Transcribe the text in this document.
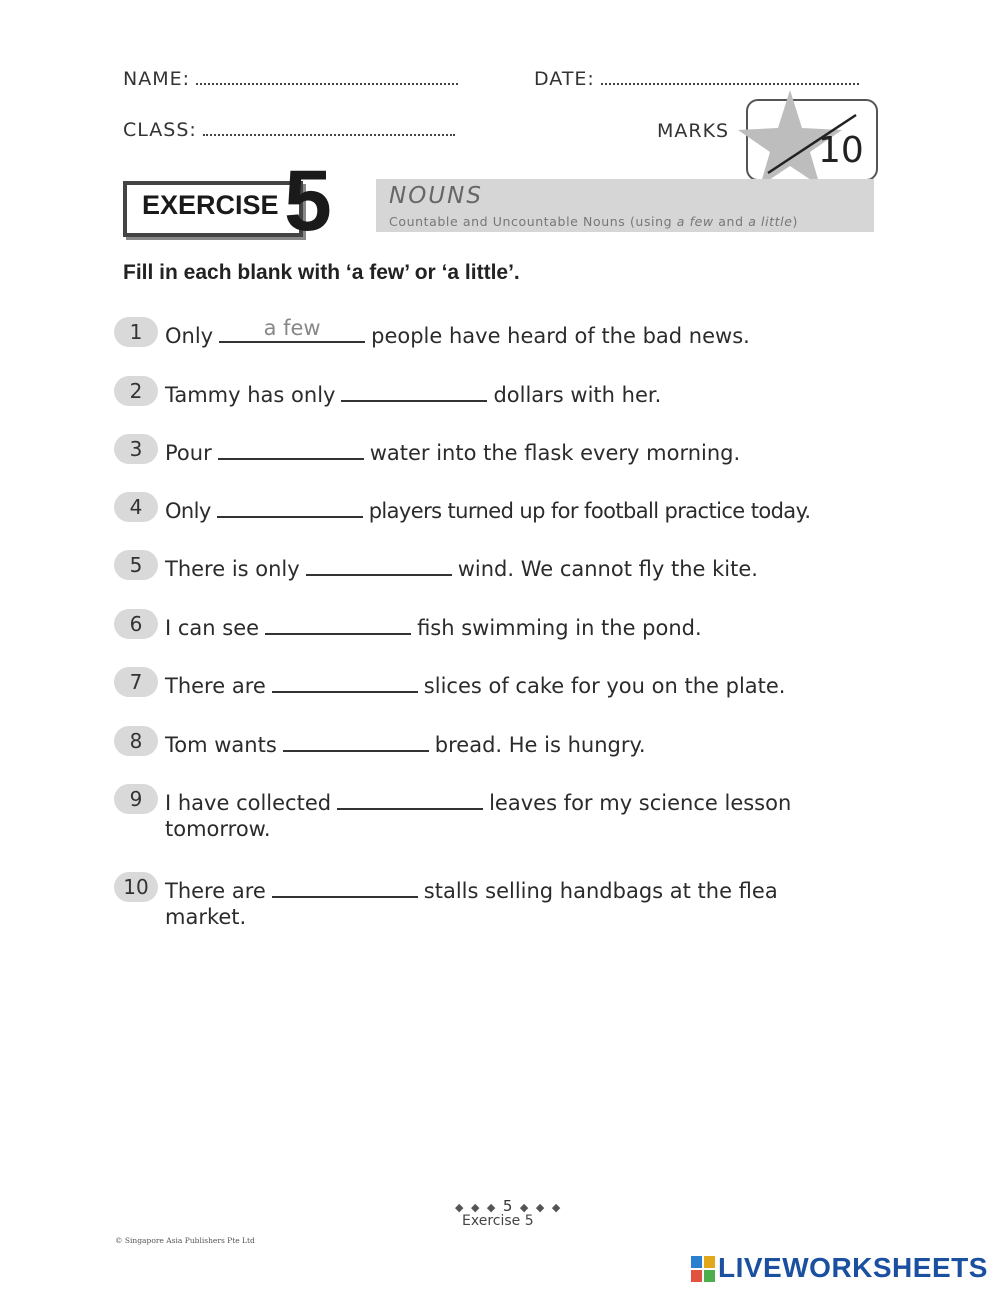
NAME:	DATE:
CLASS:	MARKS 10
EXERCISE 5 NOUNS
Countable and Uncountable Nouns (using a few and a little)
Fill in each blank with ‘a few’ or ‘a little’.
1	Only	a few	people have heard of the bad news.
2	Tammy has only	dollars with her.
3	Pour	water into the flask every morning.
4	Only	players turned up for football practice today.
5	There is only	wind. We cannot fly the kite.
6	I can see	fish swimming in the pond.
7	There are	slices of cake for you on the plate.
8	Tom wants	bread. He is hungry.
9	I have collected	leaves for my science lesson
tomorrow.
10 There are	stalls selling handbags at the flea
market.
◆ ◆ ◆ 5 ◆ ◆ ◆
Exercise 5
© Singapore Asia Publishers Pte Ltd
LIVEWORKSHEETS
